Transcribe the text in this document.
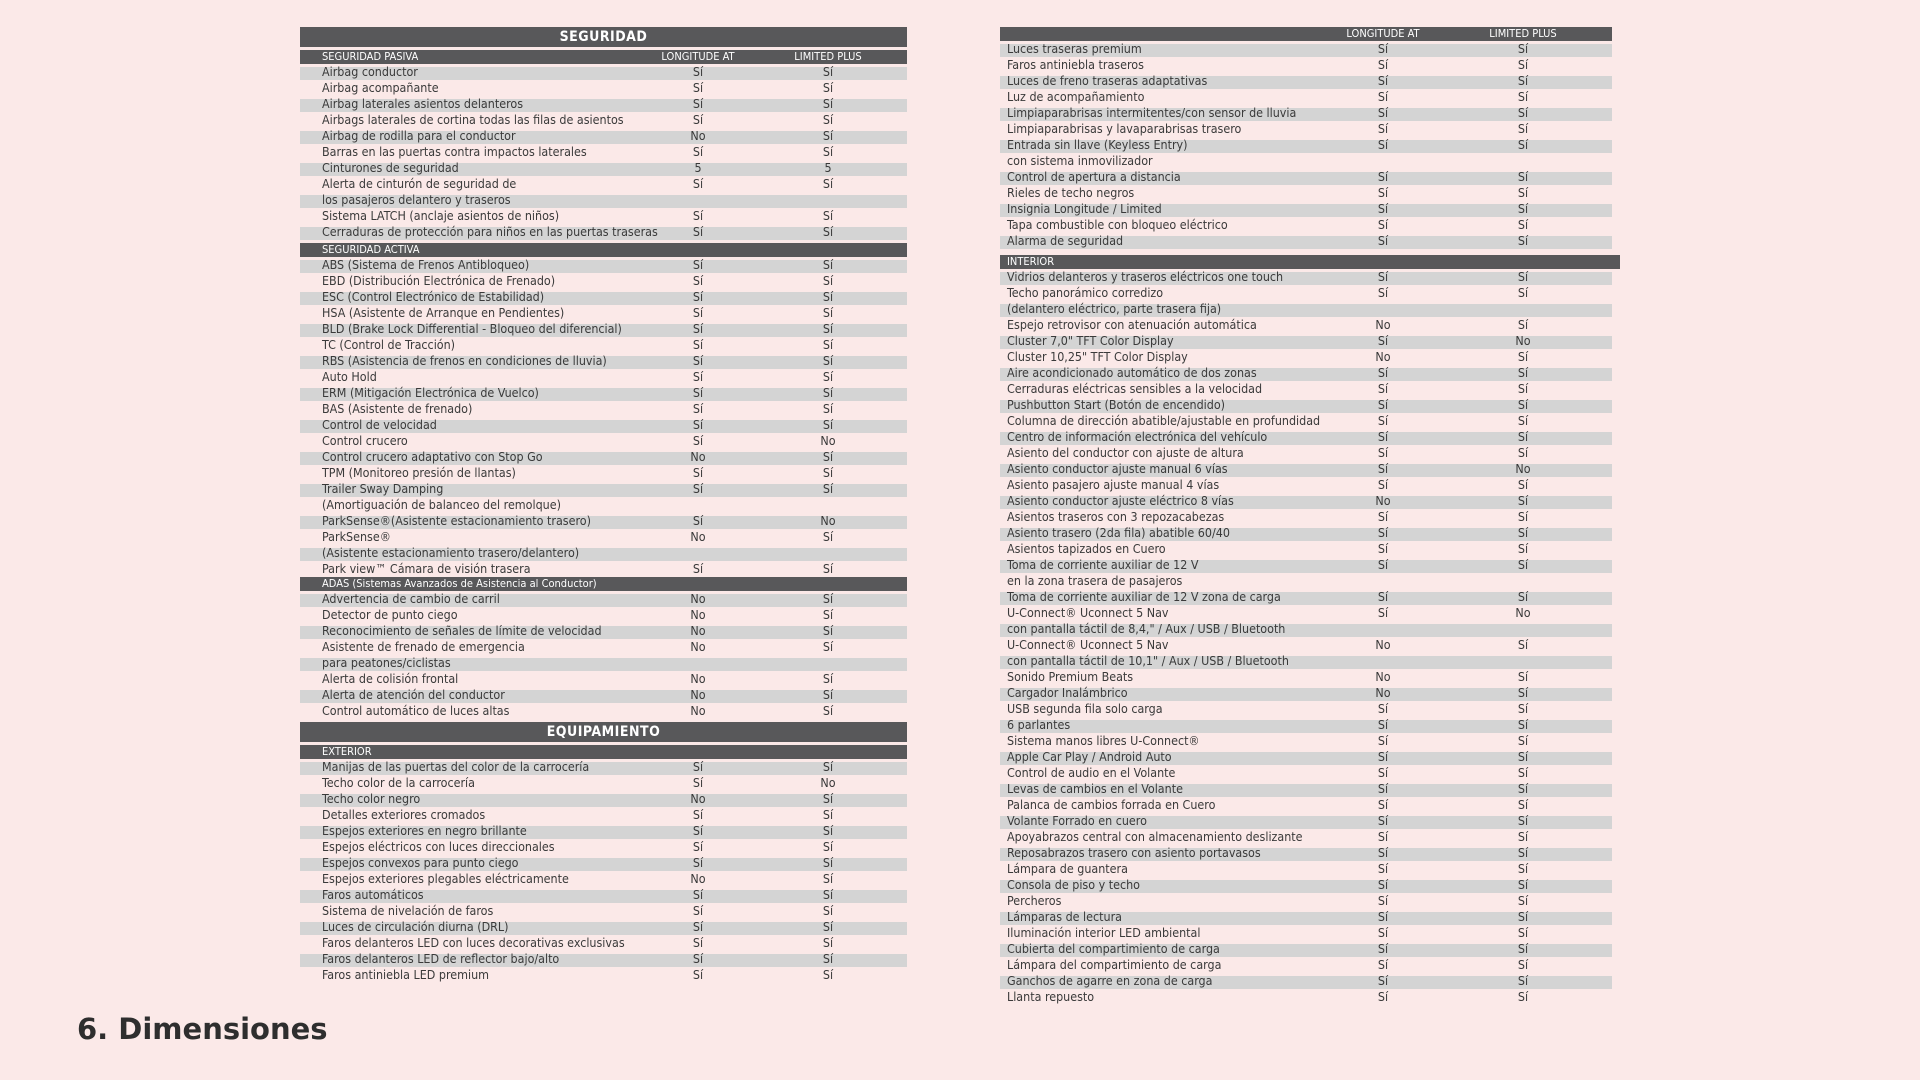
SEGURIDAD
SEGURIDAD PASIVA	LONGITUDE AT	LIMITED PLUS
Airbag conductor	Sí	Sí
Airbag acompañante	Sí	Sí
Airbag laterales asientos delanteros	Sí	Sí
Airbags laterales de cortina todas las filas de asientos	Sí	Sí
Airbag de rodilla para el conductor	No	Sí
Barras en las puertas contra impactos laterales	Sí	Sí
Cinturones de seguridad	5	5
Alerta de cinturón de seguridad de	Sí	Sí
los pasajeros delantero y traseros
Sistema LATCH (anclaje asientos de niños)	Sí	Sí
Cerraduras de protección para niños en las puertas traseras	Sí	Sí
SEGURIDAD ACTIVA
ABS (Sistema de Frenos Antibloqueo)	Sí	Sí
EBD (Distribución Electrónica de Frenado)	Sí	Sí
ESC (Control Electrónico de Estabilidad)	Sí	Sí
HSA (Asistente de Arranque en Pendientes)	Sí	Sí
BLD (Brake Lock Differential - Bloqueo del diferencial)	Sí	Sí
TC (Control de Tracción)	Sí	Sí
RBS (Asistencia de frenos en condiciones de lluvia)	Sí	Sí
Auto Hold	Sí	Sí
ERM (Mitigación Electrónica de Vuelco)	Sí	Sí
BAS (Asistente de frenado)	Sí	Sí
Control de velocidad	Sí	Sí
Control crucero	Sí	No
Control crucero adaptativo con Stop Go	No	Sí
TPM (Monitoreo presión de llantas)	Sí	Sí
Trailer Sway Damping	Sí	Sí
(Amortiguación de balanceo del remolque)
ParkSense®(Asistente estacionamiento trasero)	Sí	No
ParkSense®	No	Sí
(Asistente estacionamiento trasero/delantero)
Park view™ Cámara de visión trasera	Sí	Sí
ADAS (Sistemas Avanzados de Asistencia al Conductor)
Advertencia de cambio de carril	No	Sí
Detector de punto ciego	No	Sí
Reconocimiento de señales de límite de velocidad	No	Sí
Asistente de frenado de emergencia	No	Sí
para peatones/ciclistas
Alerta de colisión frontal	No	Sí
Alerta de atención del conductor	No	Sí
Control automático de luces altas	No	Sí
EQUIPAMIENTO
EXTERIOR
Manijas de las puertas del color de la carrocería	Sí	Sí
Techo color de la carrocería	Sí	No
Techo color negro	No	Sí
Detalles exteriores cromados	Sí	Sí
Espejos exteriores en negro brillante	Sí	Sí
Espejos eléctricos con luces direccionales	Sí	Sí
Espejos convexos para punto ciego	Sí	Sí
Espejos exteriores plegables eléctricamente	No	Sí
Faros automáticos	Sí	Sí
Sistema de nivelación de faros	Sí	Sí
Luces de circulación diurna (DRL)	Sí	Sí
Faros delanteros LED con luces decorativas exclusivas	Sí	Sí
Faros delanteros LED de reflector bajo/alto	Sí	Sí
Faros antiniebla LED premium	Sí	Sí
LONGITUDE AT	LIMITED PLUS
Luces traseras premium	Sí	Sí
Faros antiniebla traseros	Sí	Sí
Luces de freno traseras adaptativas	Sí	Sí
Luz de acompañamiento	Sí	Sí
Limpiaparabrisas intermitentes/con sensor de lluvia	Sí	Sí
Limpiaparabrisas y lavaparabrisas trasero	Sí	Sí
Entrada sin llave (Keyless Entry)	Sí	Sí
con sistema inmovilizador
Control de apertura a distancia	Sí	Sí
Rieles de techo negros	Sí	Sí
Insignia Longitude / Limited	Sí	Sí
Tapa combustible con bloqueo eléctrico	Sí	Sí
Alarma de seguridad	Sí	Sí
INTERIOR
Vidrios delanteros y traseros eléctricos one touch	Sí	Sí
Techo panorámico corredizo	Sí	Sí
(delantero eléctrico, parte trasera fija)
Espejo retrovisor con atenuación automática	No	Sí
Cluster 7,0" TFT Color Display	Sí	No
Cluster 10,25" TFT Color Display	No	Sí
Aire acondicionado automático de dos zonas	Sí	Sí
Cerraduras eléctricas sensibles a la velocidad	Sí	Sí
Pushbutton Start (Botón de encendido)	Sí	Sí
Columna de dirección abatible/ajustable en profundidad	Sí	Sí
Centro de información electrónica del vehículo	Sí	Sí
Asiento del conductor con ajuste de altura	Sí	Sí
Asiento conductor ajuste manual 6 vías	Sí	No
Asiento pasajero ajuste manual 4 vías	Sí	Sí
Asiento conductor ajuste eléctrico 8 vías	No	Sí
Asientos traseros con 3 repozacabezas	Sí	Sí
Asiento trasero (2da fila) abatible 60/40	Sí	Sí
Asientos tapizados en Cuero	Sí	Sí
Toma de corriente auxiliar de 12 V	Sí	Sí
en la zona trasera de pasajeros
Toma de corriente auxiliar de 12 V zona de carga	Sí	Sí
U-Connect® Uconnect 5 Nav	Sí	No
con pantalla táctil de 8,4," / Aux / USB / Bluetooth
U-Connect® Uconnect 5 Nav	No	Sí
con pantalla táctil de 10,1" / Aux / USB / Bluetooth
Sonido Premium Beats	No	Sí
Cargador Inalámbrico	No	Sí
USB segunda fila solo carga	Sí	Sí
6 parlantes	Sí	Sí
Sistema manos libres U-Connect®	Sí	Sí
Apple Car Play / Android Auto	Sí	Sí
Control de audio en el Volante	Sí	Sí
Levas de cambios en el Volante	Sí	Sí
Palanca de cambios forrada en Cuero	Sí	Sí
Volante Forrado en cuero	Sí	Sí
Apoyabrazos central con almacenamiento deslizante	Sí	Sí
Reposabrazos trasero con asiento portavasos	Sí	Sí
Lámpara de guantera	Sí	Sí
Consola de piso y techo	Sí	Sí
Percheros	Sí	Sí
Lámparas de lectura	Sí	Sí
Iluminación interior LED ambiental	Sí	Sí
Cubierta del compartimiento de carga	Sí	Sí
Lámpara del compartimiento de carga	Sí	Sí
Ganchos de agarre en zona de carga	Sí	Sí
Llanta repuesto	Sí	Sí
6. Dimensiones
